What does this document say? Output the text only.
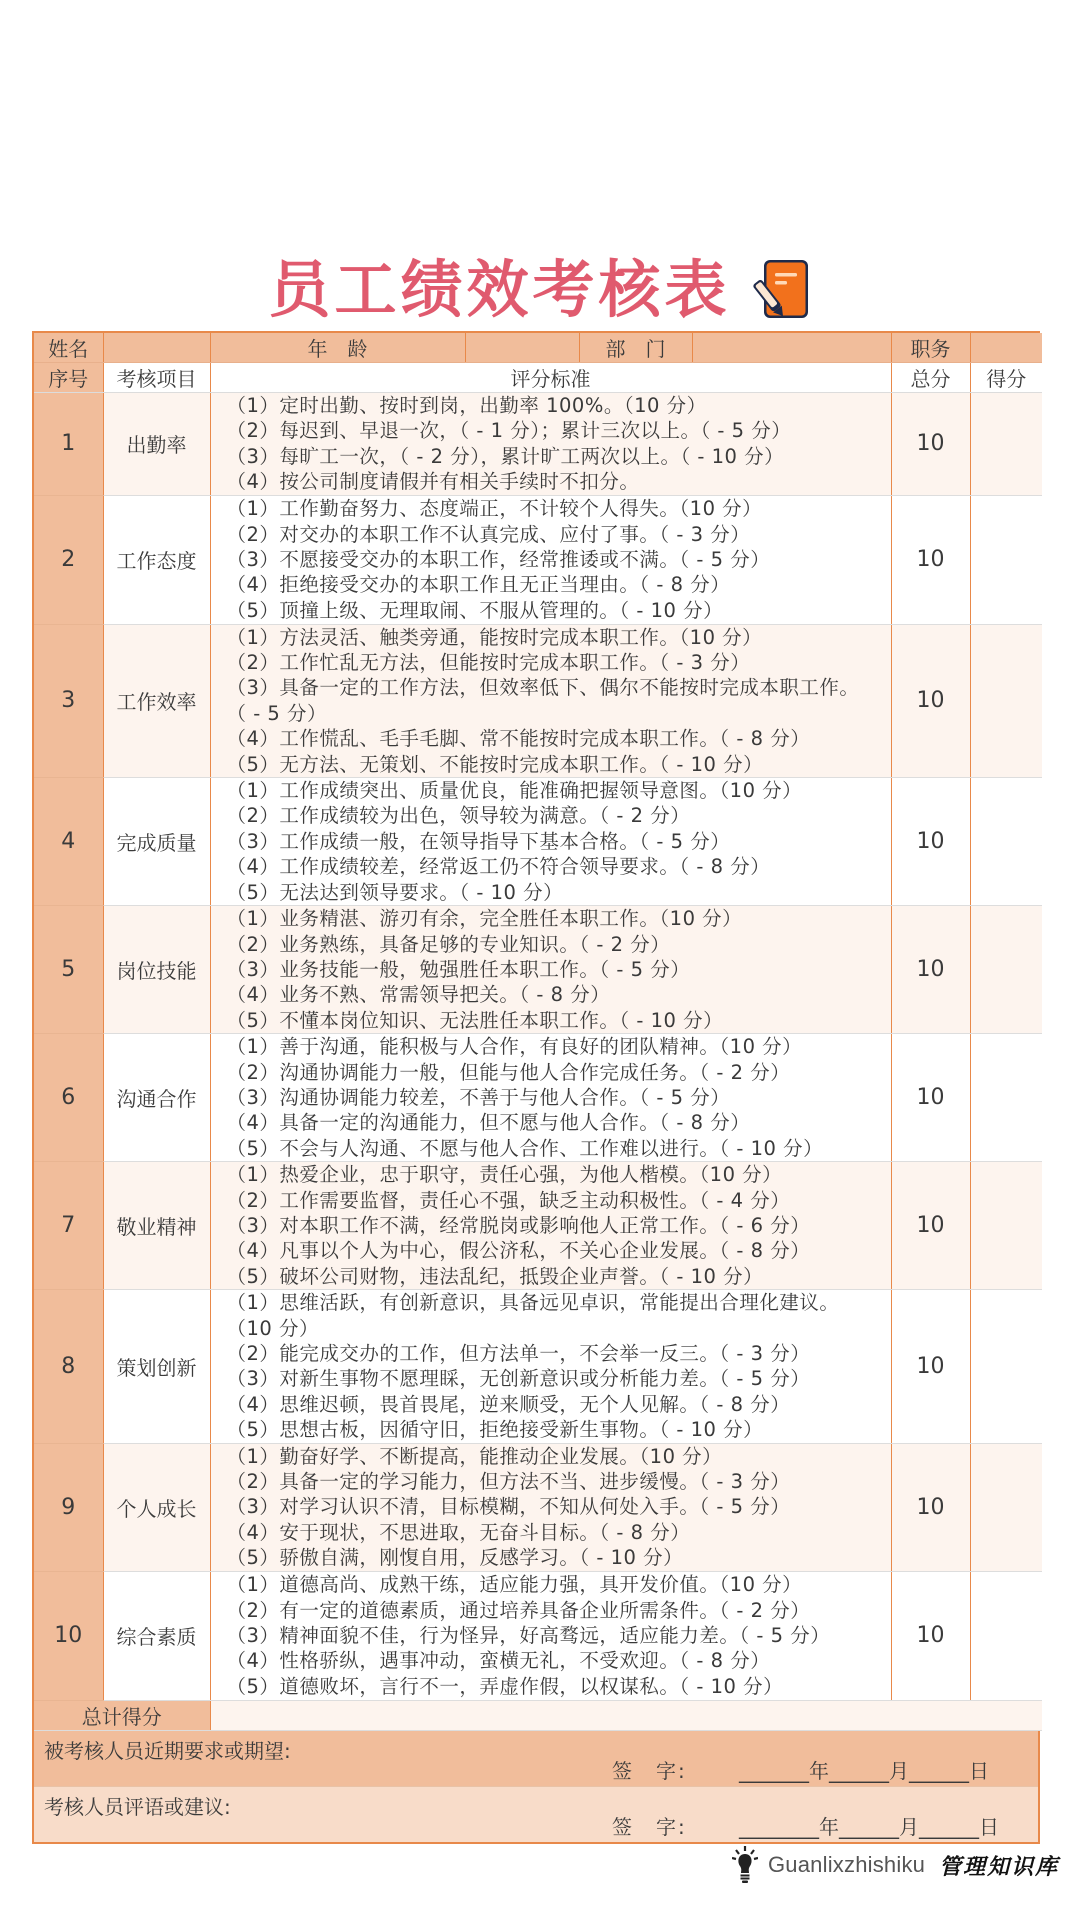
员工绩效考核表
姓名		年　龄		部　门		职务	
序号	考核项目	评分标准				总分	得分
1	出勤率	（1）定时出勤、按时到岗，出勤率 100%。（10 分）
（2）每迟到、早退一次，（ - 1 分）；累计三次以上。（ - 5 分）
（3）每旷工一次，（ - 2 分），累计旷工两次以上。（ - 10 分）
（4）按公司制度请假并有相关手续时不扣分。				10	
2	工作态度	（1）工作勤奋努力、态度端正，不计较个人得失。（10 分）
（2）对交办的本职工作不认真完成、应付了事。（ - 3 分）
（3）不愿接受交办的本职工作，经常推诿或不满。（ - 5 分）
（4）拒绝接受交办的本职工作且无正当理由。（ - 8 分）
（5）顶撞上级、无理取闹、不服从管理的。（ - 10 分）				10	
3	工作效率	
（1）方法灵活、触类旁通，能按时完成本职工作。（10 分）
（2）工作忙乱无方法，但能按时完成本职工作。（ - 3 分）
（3）具备一定的工作方法，但效率低下、偶尔不能按时完成本职工作。
（ - 5 分）
（4）工作慌乱、毛手毛脚、常不能按时完成本职工作。（ - 8 分）
（5）无方法、无策划、不能按时完成本职工作。（ - 10 分）
	10	
4	完成质量	（1）工作成绩突出、质量优良，能准确把握领导意图。（10 分）
（2）工作成绩较为出色，领导较为满意。（ - 2 分）
（3）工作成绩一般，在领导指导下基本合格。（ - 5 分）
（4）工作成绩较差，经常返工仍不符合领导要求。（ - 8 分）
（5）无法达到领导要求。（ - 10 分）				10	
5	岗位技能	（1）业务精湛、游刃有余，完全胜任本职工作。（10 分）
（2）业务熟练，具备足够的专业知识。（ - 2 分）
（3）业务技能一般，勉强胜任本职工作。（ - 5 分）
（4）业务不熟、常需领导把关。（ - 8 分）
（5）不懂本岗位知识、无法胜任本职工作。（ - 10 分）				10	
6	沟通合作	（1）善于沟通，能积极与人合作，有良好的团队精神。（10 分）
（2）沟通协调能力一般，但能与他人合作完成任务。（ - 2 分）
（3）沟通协调能力较差，不善于与他人合作。（ - 5 分）
（4）具备一定的沟通能力，但不愿与他人合作。（ - 8 分）
（5）不会与人沟通、不愿与他人合作、工作难以进行。（ - 10 分）				10	
7	敬业精神	（1）热爱企业，忠于职守，责任心强，为他人楷模。（10 分）
（2）工作需要监督，责任心不强，缺乏主动积极性。（ - 4 分）
（3）对本职工作不满，经常脱岗或影响他人正常工作。（ - 6 分）
（4）凡事以个人为中心，假公济私，不关心企业发展。（ - 8 分）
（5）破坏公司财物，违法乱纪，抵毁企业声誉。（ - 10 分）				10	
8	策划创新	
（1）思维活跃，有创新意识，具备远见卓识，常能提出合理化建议。
（10 分）
（2）能完成交办的工作，但方法单一，不会举一反三。（ - 3 分）
（3）对新生事物不愿理睬，无创新意识或分析能力差。（ - 5 分）
（4）思维迟顿，畏首畏尾，逆来顺受，无个人见解。（ - 8 分）
（5）思想古板，因循守旧，拒绝接受新生事物。（ - 10 分）
	10	
9	个人成长	（1）勤奋好学、不断提高，能推动企业发展。（10 分）
（2）具备一定的学习能力，但方法不当、进步缓慢。（ - 3 分）
（3）对学习认识不清，目标模糊，不知从何处入手。（ - 5 分）
（4）安于现状，不思进取，无奋斗目标。（ - 8 分）
（5）骄傲自满，刚愎自用，反感学习。（ - 10 分）				10	
10	综合素质	（1）道德高尚、成熟干练，适应能力强，具开发价值。（10 分）
（2）有一定的道德素质，通过培养具备企业所需条件。（ - 2 分）
（3）精神面貌不佳，行为怪异，好高骛远，适应能力差。（ - 5 分）
（4）性格骄纵，遇事冲动，蛮横无礼，不受欢迎。（ - 8 分）
（5）道德败坏，言行不一，弄虚作假，以权谋私。（ - 10 分）				10	
总计得分							
被考核人员近期要求或期望:
签　字:	_______年______月______日
考核人员评语或建议:
签　字:	________年______月______日
Guanlixzhishiku 管理知识库
